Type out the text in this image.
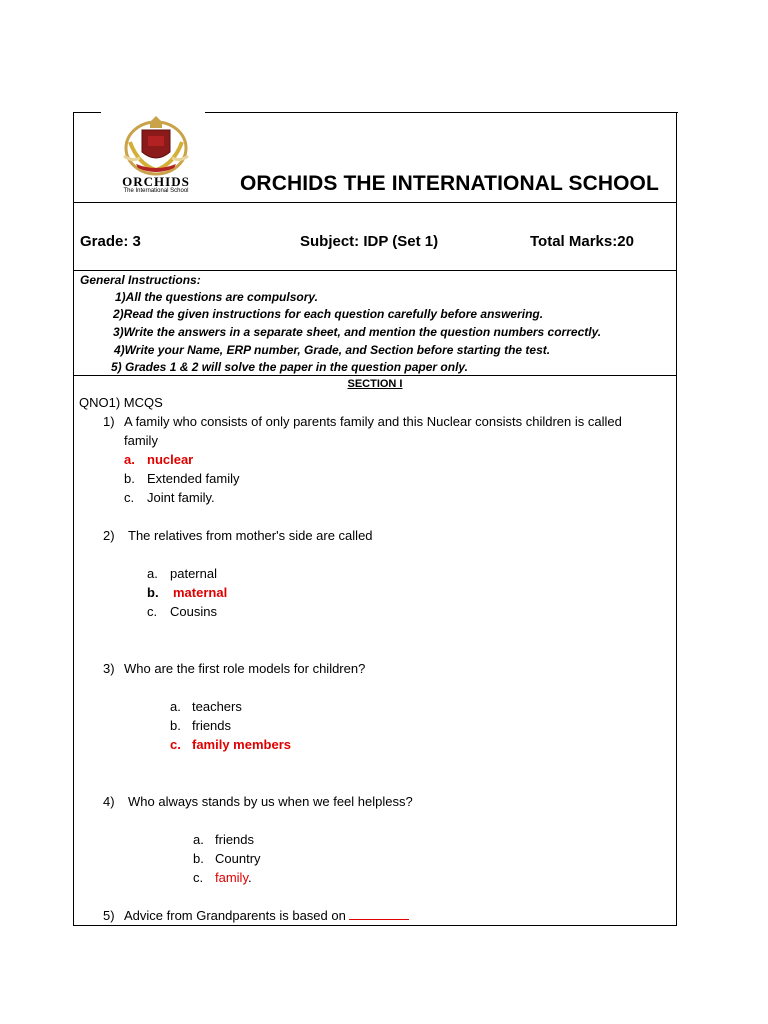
ORCHIDS
The International School	ORCHIDS THE INTERNATIONAL SCHOOL
Grade: 3	Subject: IDP (Set 1)	Total Marks:20
General Instructions:
1)All the questions are compulsory.
2)Read the given instructions for each question carefully before answering.
3)Write the answers in a separate sheet, and mention the question numbers correctly.
4)Write your Name, ERP number, Grade, and Section before starting the test.
5) Grades 1 & 2 will solve the paper in the question paper only.
SECTION I
QNO1) MCQS
1) A family who consists of only parents family and this Nuclear consists children is called
family
a. nuclear
b. Extended family
c. Joint family.
2) The relatives from mother's side are called
a. paternal
b. maternal
c. Cousins
3) Who are the first role models for children?
a. teachers
b. friends
c. family members
4) Who always stands by us when we feel helpless?
a. friends
b. Country
c. family.
5) Advice from Grandparents is based on
